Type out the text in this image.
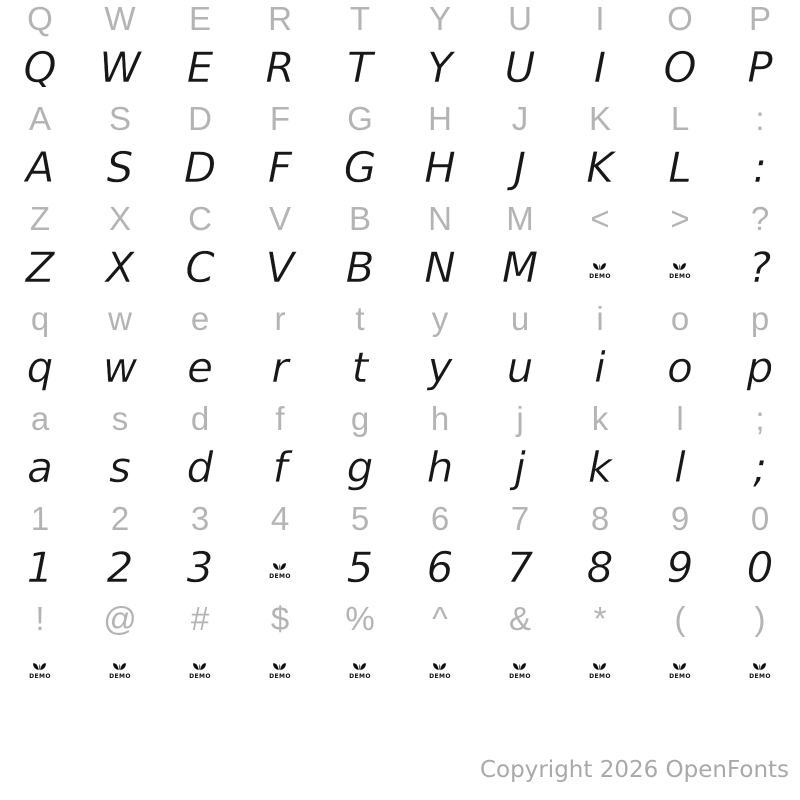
Q	W	E	R	T	Y	U	I	O	P
Q	W	E	R	T	Y	U	I	O	P
A	S	D	F	G	H	J	K	L	:
A	S	D	F	G	H	J	K	L	:
Z	X	C	V	B	N	M	<	>	?
Z	X	C	V	B	N	M	DEMO	DEMO	?
q	w	e	r	t	y	u	i	o	p
q	w	e	r	t	y	u	i	o	p
a	s	d	f	g	h	j	k	l	;
a	s	d	f	g	h	j	k	l	;
1	2	3	4	5	6	7	8	9	0
1	2	3	DEMO	5	6	7	8	9	0
!	@	#	$	%	^	&	*	(	)
DEMO	DEMO	DEMO	DEMO	DEMO	DEMO	DEMO	DEMO	DEMO	DEMO
Copyright 2026 OpenFonts
